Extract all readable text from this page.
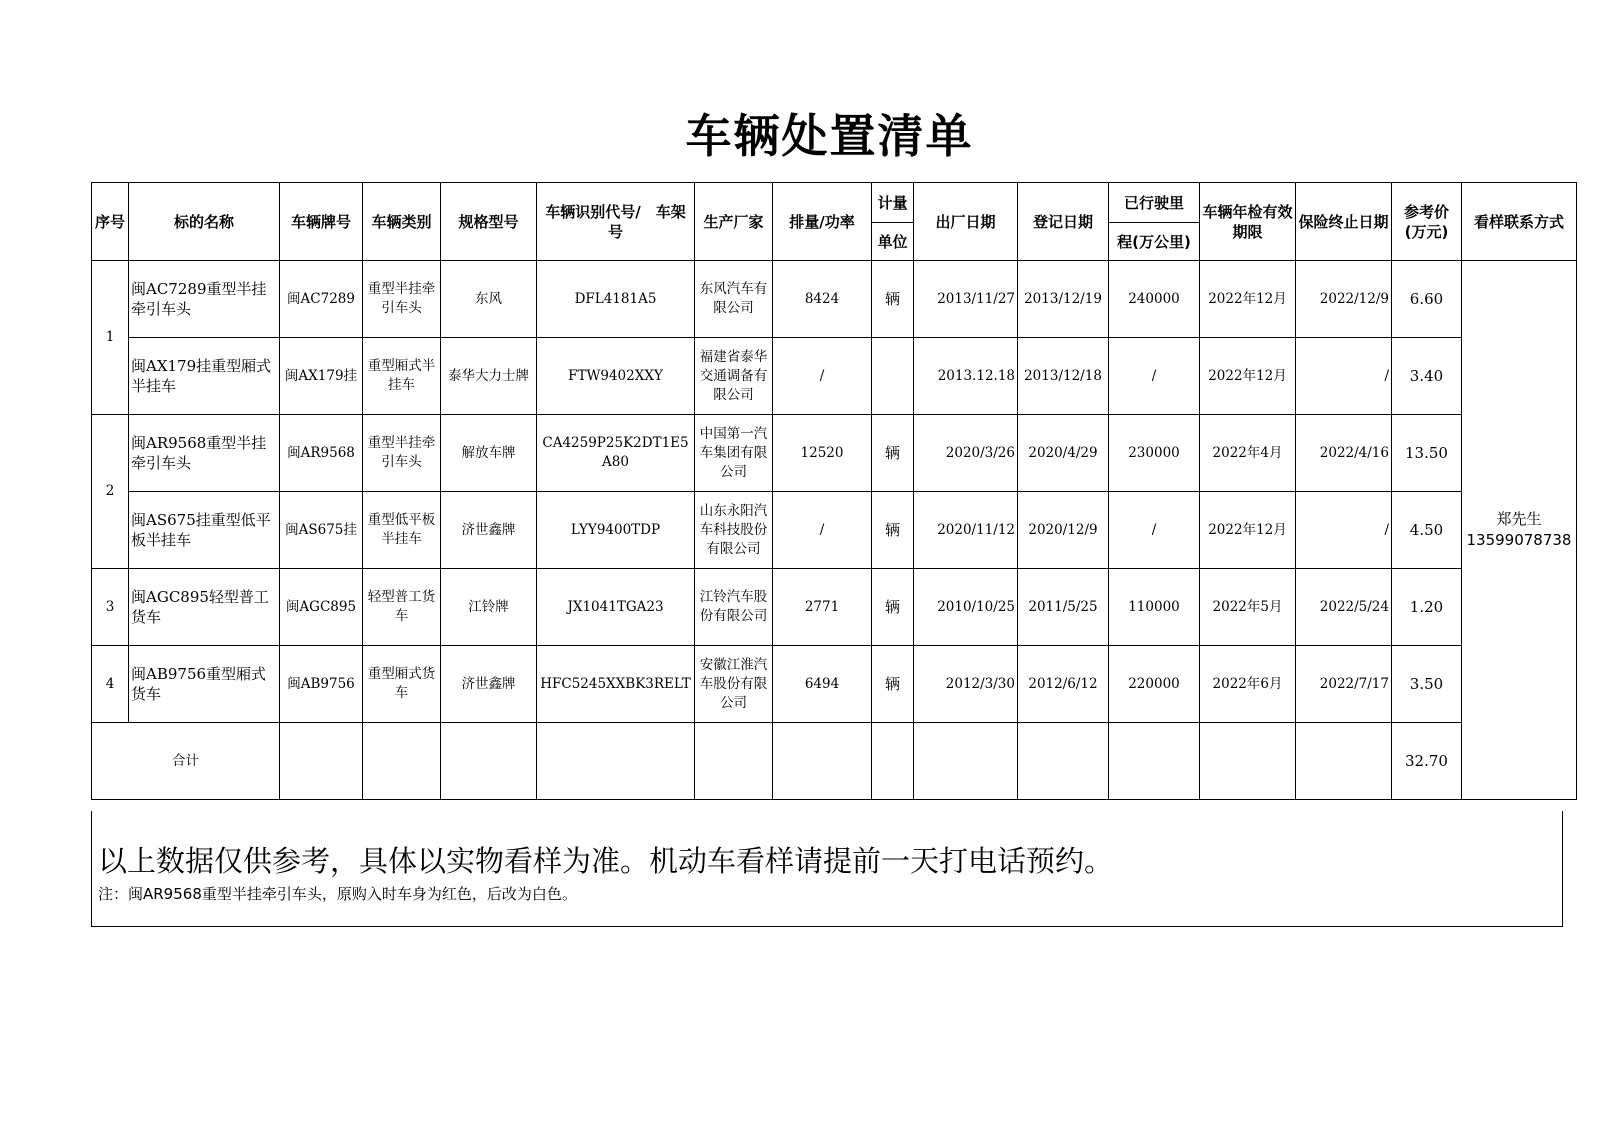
车辆处置清单
序号	标的名称	车辆牌号	车辆类别	规格型号	车辆识别代号/　车架号	生产厂家	排量/功率	计量	出厂日期	登记日期	已行驶里	车辆年检有效期限	保险终止日期	参考价(万元)	看样联系方式
								单位			程(万公里)				
1	闽AC7289重型半挂牵引车头	闽AC7289	重型半挂牵引车头	东风	DFL4181A5	东风汽车有限公司	8424	辆	2013/11/27	2013/12/19	240000	2022年12月	2022/12/9	6.60	郑先生
13599078738

	闽AX179挂重型厢式半挂车	闽AX179挂	重型厢式半挂车	泰华大力士牌	FTW9402XXY	福建省泰华交通调备有限公司	/		2013.12.18	2013/12/18	/	2022年12月	/	3.40	
2	闽AR9568重型半挂牵引车头	闽AR9568	重型半挂牵引车头	解放车牌	CA4259P25K2DT1E5A80	中国第一汽车集团有限公司	12520	辆	2020/3/26	2020/4/29	230000	2022年4月	2022/4/16	13.50	
	闽AS675挂重型低平板半挂车	闽AS675挂	重型低平板半挂车	济世鑫牌	LYY9400TDP	山东永阳汽车科技股份有限公司	/	辆	2020/11/12	2020/12/9	/	2022年12月	/	4.50	
3	闽AGC895轻型普工货车	闽AGC895	轻型普工货车	江铃牌	JX1041TGA23	江铃汽车股份有限公司	2771	辆	2010/10/25	2011/5/25	110000	2022年5月	2022/5/24	1.20	
4	闽AB9756重型厢式货车	闽AB9756	重型厢式货车	济世鑫牌	HFC5245XXBK3RELT	安徽江淮汽车股份有限公司	6494	辆	2012/3/30	2012/6/12	220000	2022年6月	2022/7/17	3.50	
合计														32.70	
以上数据仅供参考，具体以实物看样为准。机动车看样请提前一天打电话预约。
注：闽AR9568重型半挂牵引车头，原购入时车身为红色，后改为白色。
